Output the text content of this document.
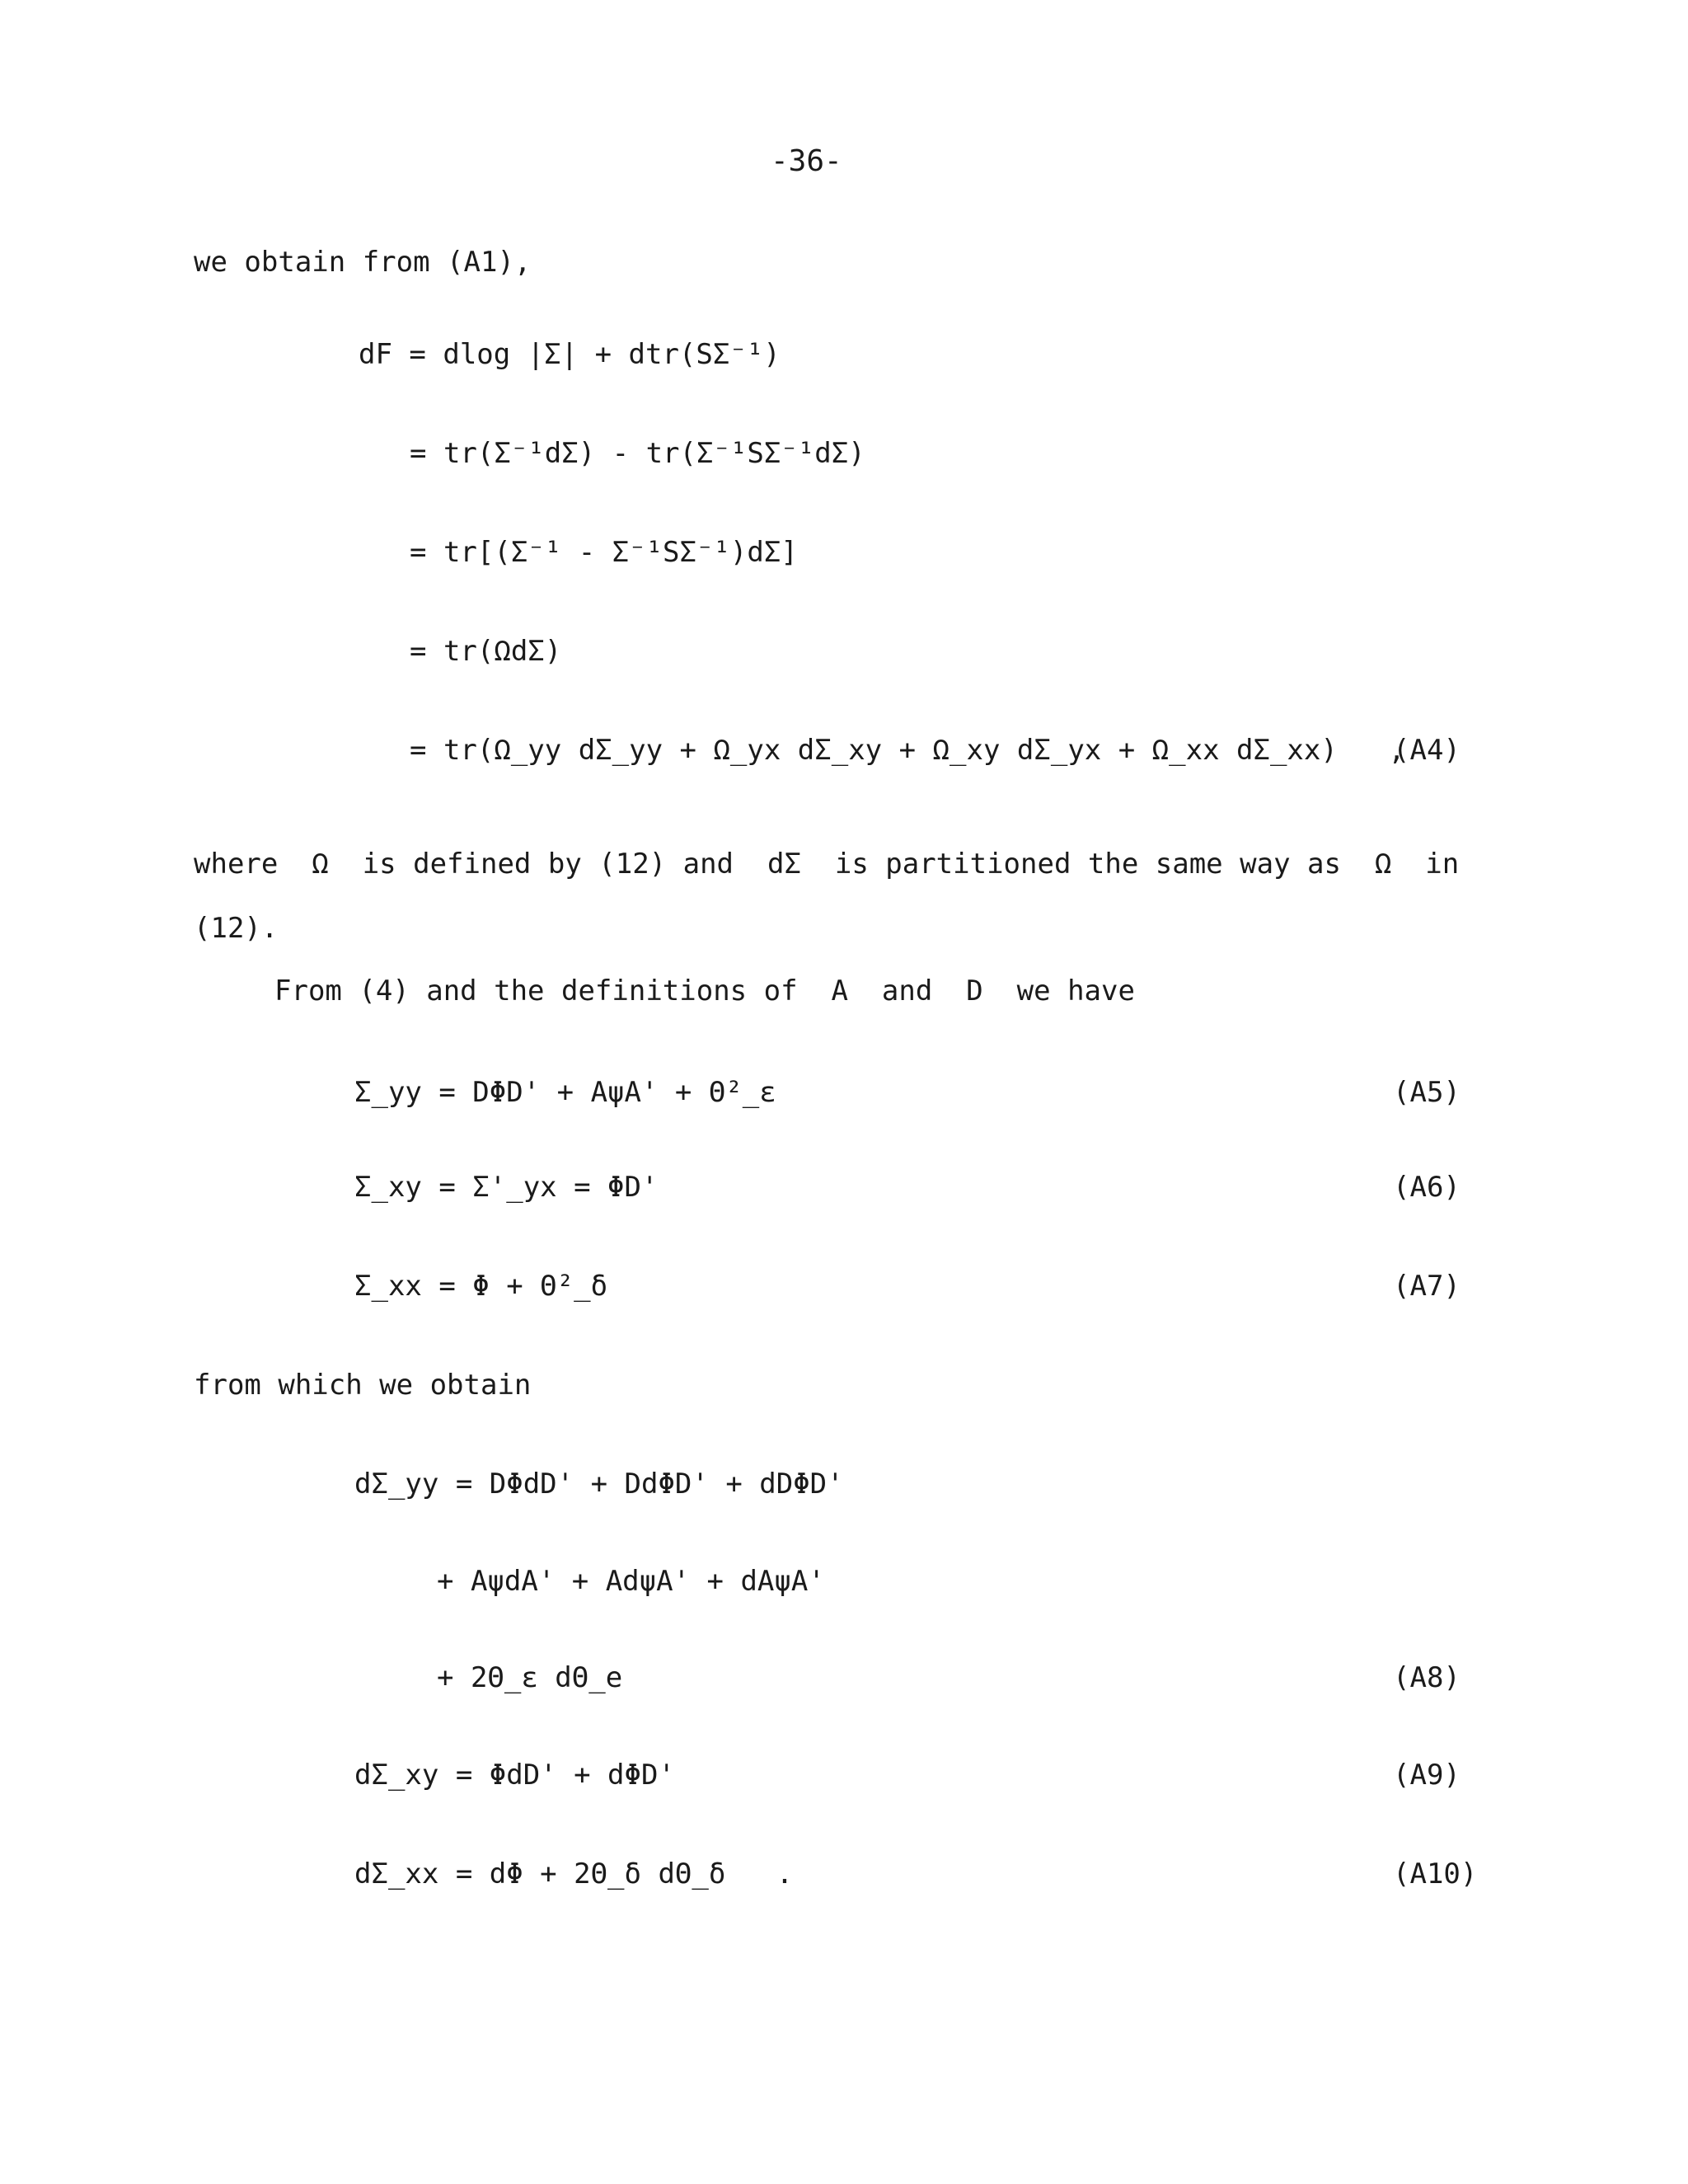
-36-
we obtain from (A1),
dF = dlog |Σ| + dtr(SΣ⁻¹)
= tr(Σ⁻¹dΣ) - tr(Σ⁻¹SΣ⁻¹dΣ)
= tr[(Σ⁻¹ - Σ⁻¹SΣ⁻¹)dΣ]
= tr(ΩdΣ)
= tr(Ω_yy dΣ_yy + Ω_yx dΣ_xy + Ω_xy dΣ_yx + Ω_xx dΣ_xx)   ,
(A4)
where  Ω  is defined by (12) and  dΣ  is partitioned the same way as  Ω  in
(12).
From (4) and the definitions of  A  and  D  we have
Σ_yy = DΦD' + AψA' + Θ²_ε	(A5)
Σ_xy = Σ'_yx = ΦD'	(A6)
Σ_xx = Φ + Θ²_δ	(A7)
from which we obtain
dΣ_yy = DΦdD' + DdΦD' + dDΦD'
+ AψdA' + AdψA' + dAψA'
+ 2Θ_ε dΘ_e	(A8)
dΣ_xy = ΦdD' + dΦD'	(A9)
dΣ_xx = dΦ + 2Θ_δ dΘ_δ   .	(A10)
